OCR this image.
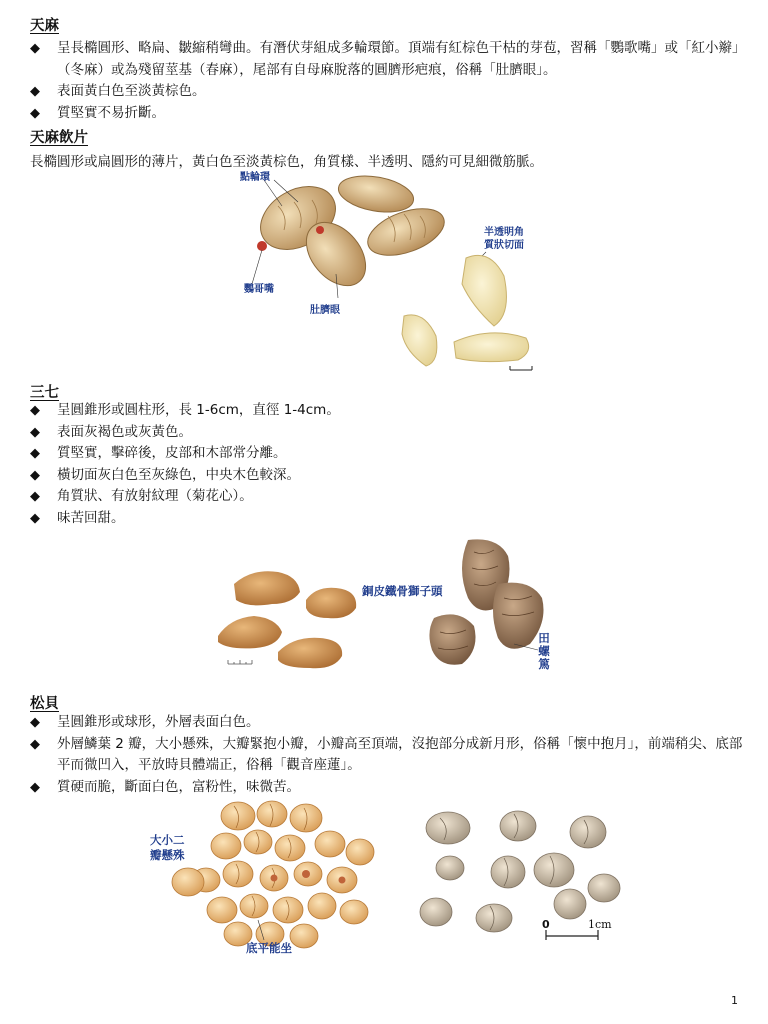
天麻
◆ 呈長橢圓形、略扁、皺縮稍彎曲。有潛伏芽組成多輪環節。頂端有紅棕色干枯的芽苞，習稱「鸚歌嘴」或「紅小辮」（冬麻）或為殘留莖基（春麻），尾部有自母麻脫落的圓臍形疤痕，俗稱「肚臍眼」。
◆ 表面黃白色至淡黃棕色。
◆ 質堅實不易折斷。
天麻飲片
長橢圓形或扁圓形的薄片，黃白色至淡黃棕色，角質樣、半透明、隱約可見細微筋脈。
點輪環
鸚哥嘴
肚臍眼
半透明角
質狀切面
三七
◆ 呈圓錐形或圓柱形，長 1-6cm，直徑 1-4cm。
◆ 表面灰褐色或灰黃色。
◆ 質堅實，擊碎後，皮部和木部常分離。
◆ 橫切面灰白色至灰綠色，中央木色較深。
◆ 角質狀、有放射紋理（菊花心）。
◆ 味苦回甜。
銅皮鐵骨獅子頭
田螺篤
松貝
◆ 呈圓錐形或球形，外層表面白色。
◆ 外層鱗葉 2 瓣，大小懸殊，大瓣緊抱小瓣，小瓣高至頂端，沒抱部分成新月形，俗稱「懷中抱月」，前端稍尖、底部平而微凹入，平放時貝體端正，俗稱「觀音座蓮」。
◆ 質硬而脆，斷面白色，富粉性，味微苦。
大小二
瓣懸殊
底平能坐
0	1cm
1
